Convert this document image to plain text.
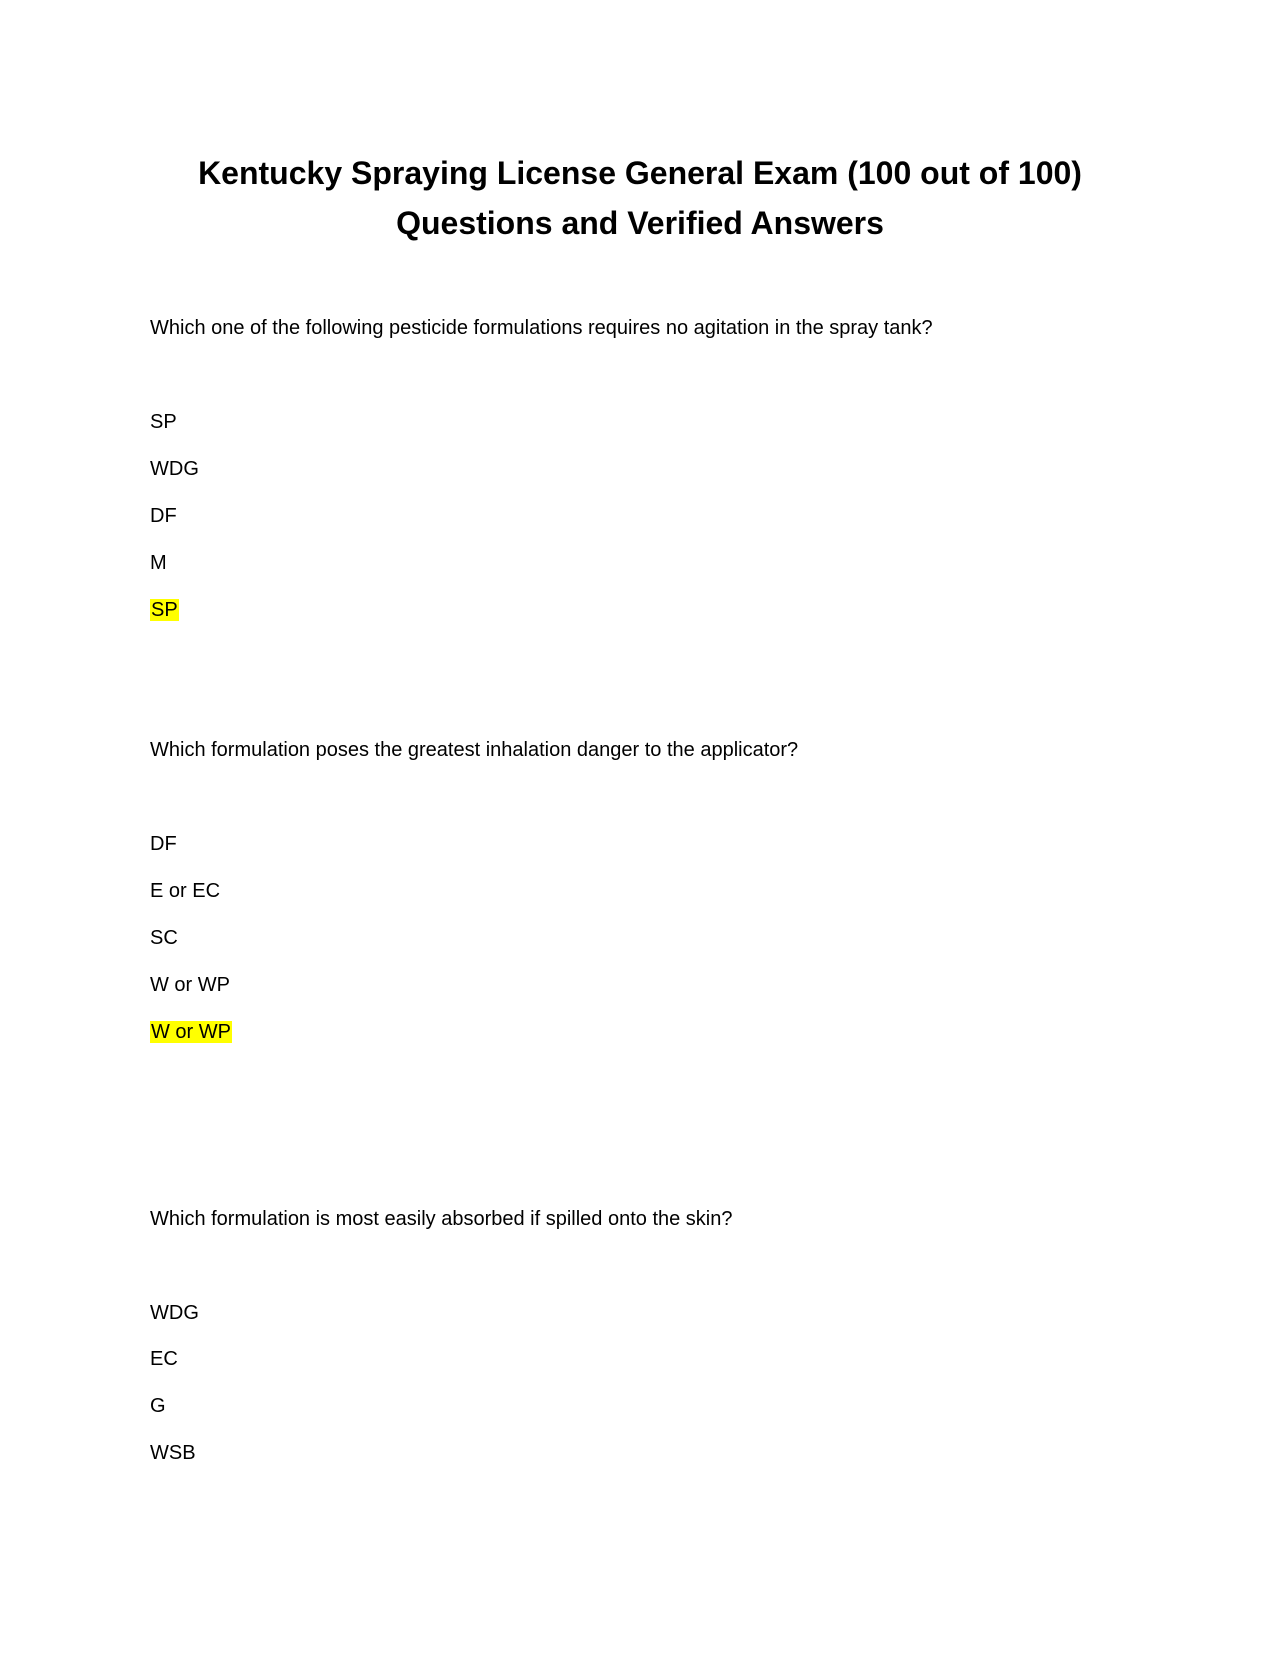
Kentucky Spraying License General Exam (100 out of 100)
Questions and Verified Answers

Which one of the following pesticide formulations requires no agitation in the spray tank?

SP

WDG

DF

M

SP

Which formulation poses the greatest inhalation danger to the applicator?

DF

E or EC

SC

W or WP

W or WP

Which formulation is most easily absorbed if spilled onto the skin?

WDG

EC

G

WSB
